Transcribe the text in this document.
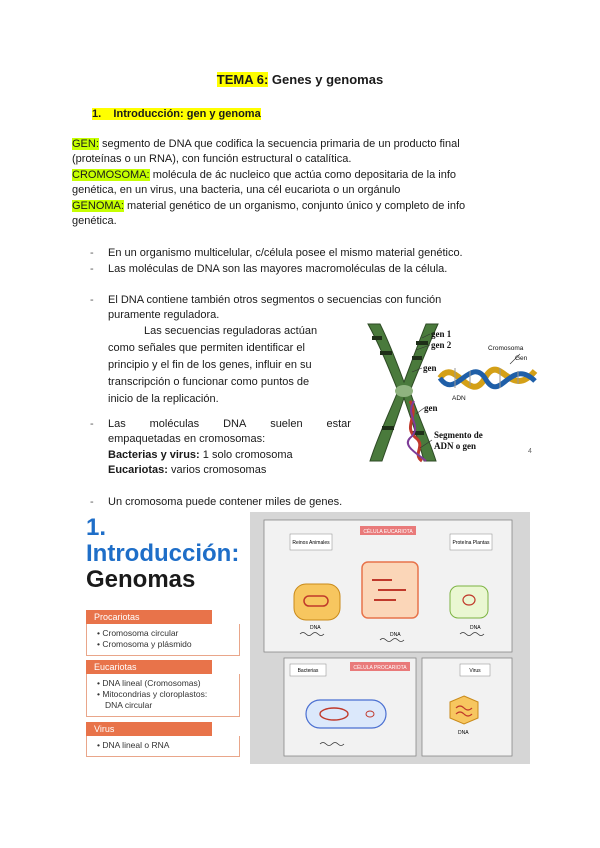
TEMA 6: Genes y genomas
1. Introducción: gen y genoma
GEN: segmento de DNA que codifica la secuencia primaria de un producto final
(proteínas o un RNA), con función estructural o catalítica.
CROMOSOMA: molécula de ác nucleico que actúa como depositaria de la info
genética, en un virus, una bacteria, una cél eucariota o un orgánulo
GENOMA: material genético de un organismo, conjunto único y completo de info
genética.
- En un organismo multicelular, c/célula posee el mismo material genético.
- Las moléculas de DNA son las mayores macromoléculas de la célula.
- El DNA contiene también otros segmentos o secuencias con función
puramente reguladora.
Las secuencias reguladoras actúan
como señales que permiten identificar el
principio y el fin de los genes, influir en su
transcripción o funcionar como puntos de
inicio de la replicación.
- Las moléculas DNA suelen estar
empaquetadas en cromosomas:
Bacterias y virus: 1 solo cromosoma
Eucariotas: varios cromosomas
gen 1
gen 2
gen
gen
Cromosoma
Gen
ADN
Segmento de
ADN o gen
4
- Un cromosoma puede contener miles de genes.
1.
Introducción:
Genomas
Procariotas
• Cromosoma circular
• Cromosoma y plásmido
Eucariotas
• DNA lineal (Cromosomas)
• Mitocondrias y cloroplastos:
DNA circular
Virus
• DNA lineal o RNA
CÉLULA EUCARIOTA
Reinos Animales	Proteína Plantas
DNA
DNA
DNA
CÉLULA PROCARIOTA
Bacterias	Virus
DNA
